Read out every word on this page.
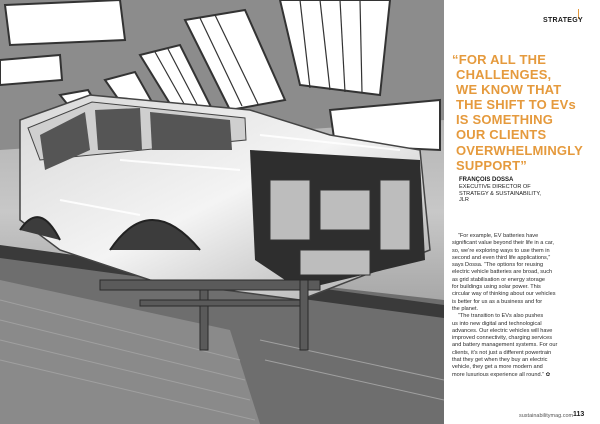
STRATEGY
“FOR ALL THE
CHALLENGES,
WE KNOW THAT
THE SHIFT TO EVs
IS SOMETHING
OUR CLIENTS
OVERWHELMINGLY
SUPPORT”
FRANÇOIS DOSSA
EXECUTIVE DIRECTOR OF
STRATEGY & SUSTAINABILITY,
JLR
“For example, EV batteries have
significant value beyond their life in a car,
so, we’re exploring ways to use them in
second and even third life applications,”
says Dossa. “The options for reusing
electric vehicle batteries are broad, such
as grid stabilisation or energy storage
for buildings using solar power. This
circular way of thinking about our vehicles
is better for us as a business and for
the planet.
“The transition to EVs also pushes
us into new digital and technological
advances. Our electric vehicles will have
improved connectivity, charging services
and battery management systems. For our
clients, it’s not just a different powertrain
that they get when they buy an electric
vehicle, they get a more modern and
more luxurious experience all round.” ✿
sustainabilitymag.com 113
